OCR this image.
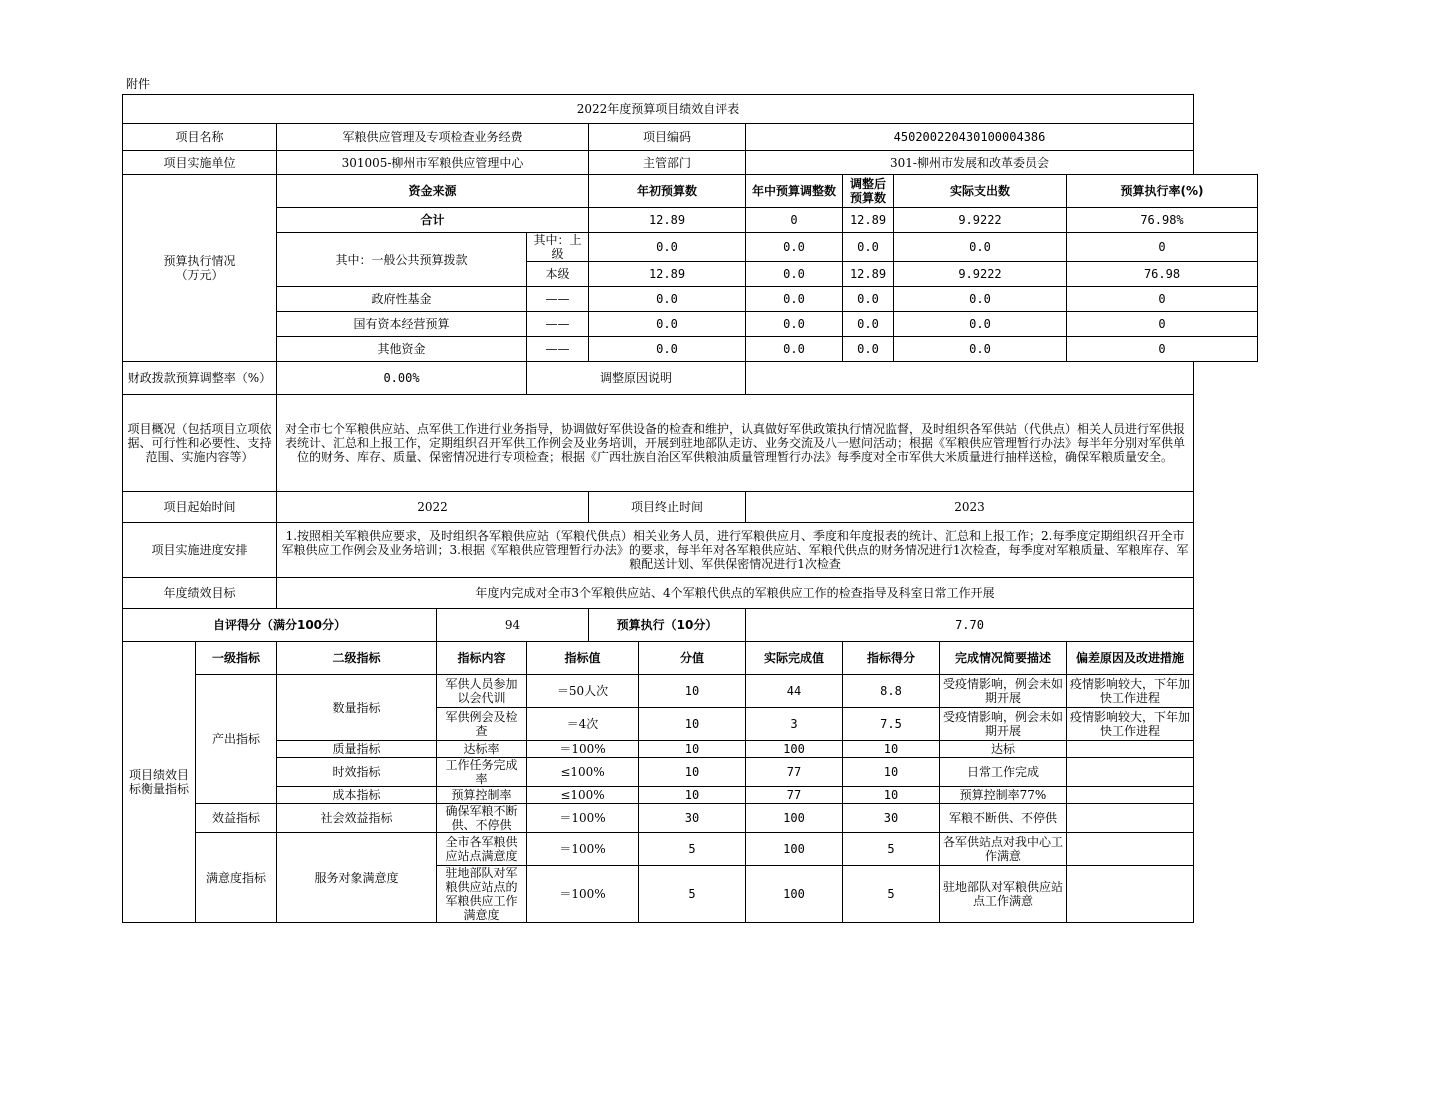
附件
2022年度预算项目绩效自评表											
项目名称		军粮供应管理及专项检查业务经费			项目编码		450200220430100004386				
项目实施单位		301005-柳州市军粮供应管理中心			主管部门		301-柳州市发展和改革委员会				
预算执行情况
（万元）		资金来源			年初预算数		年中预算调整数	调整后预算数	实际支出数		预算执行率(%)
		合计			12.89		0	12.89	9.9222		76.98%
		其中：一般公共预算拨款		其中：上级	0.0		0.0	0.0	0.0		0
				本级	12.89		0.0	12.89	9.9222		76.98
		政府性基金		——	0.0		0.0	0.0	0.0		0
		国有资本经营预算		——	0.0		0.0	0.0	0.0		0
		其他资金		——	0.0		0.0	0.0	0.0		0
财政拨款预算调整率（%）		0.00%		调整原因说明							
项目概况（包括项目立项依据、可行性和必要性、支持范围、实施内容等）		对全市七个军粮供应站、点军供工作进行业务指导，协调做好军供设备的检查和维护，认真做好军供政策执行情况监督，及时组织各军供站（代供点）相关人员进行军供报表统计、汇总和上报工作，定期组织召开军供工作例会及业务培训，开展到驻地部队走访、业务交流及八一慰问活动；根据《军粮供应管理暂行办法》每半年分别对军供单位的财务、库存、质量、保密情况进行专项检查；根据《广西壮族自治区军供粮油质量管理暂行办法》每季度对全市军供大米质量进行抽样送检，确保军粮质量安全。									
项目起始时间		2022			项目终止时间		2023				
项目实施进度安排		1.按照相关军粮供应要求，及时组织各军粮供应站（军粮代供点）相关业务人员，进行军粮供应月、季度和年度报表的统计、汇总和上报工作；2.每季度定期组织召开全市军粮供应工作例会及业务培训；3.根据《军粮供应管理暂行办法》的要求，每半年对各军粮供应站、军粮代供点的财务情况进行1次检查，每季度对军粮质量、军粮库存、军粮配送计划、军供保密情况进行1次检查									
年度绩效目标		年度内完成对全市3个军粮供应站、4个军粮代供点的军粮供应工作的检查指导及科室日常工作开展									
自评得分（满分100分）			94		预算执行（10分）		7.70				
项目绩效目标衡量指标	一级指标	二级指标	指标内容	指标值		分值	实际完成值	指标得分		完成情况简要描述	偏差原因及改进措施
	产出指标	数量指标	军供人员参加以会代训	＝50人次		10	44	8.8		受疫情影响，例会未如期开展	疫情影响较大，下年加快工作进程
			军供例会及检查	＝4次		10	3	7.5		受疫情影响，例会未如期开展	疫情影响较大，下年加快工作进程
		质量指标	达标率	＝100%		10	100	10		达标	
		时效指标	工作任务完成率	≤100%		10	77	10		日常工作完成	
		成本指标	预算控制率	≤100%		10	77	10		预算控制率77%	
	效益指标	社会效益指标	确保军粮不断供、不停供	＝100%		30	100	30		军粮不断供、不停供	
	满意度指标	服务对象满意度	全市各军粮供应站点满意度	＝100%		5	100	5		各军供站点对我中心工作满意	
			驻地部队对军粮供应站点的军粮供应工作满意度	＝100%		5	100	5		驻地部队对军粮供应站点工作满意	
